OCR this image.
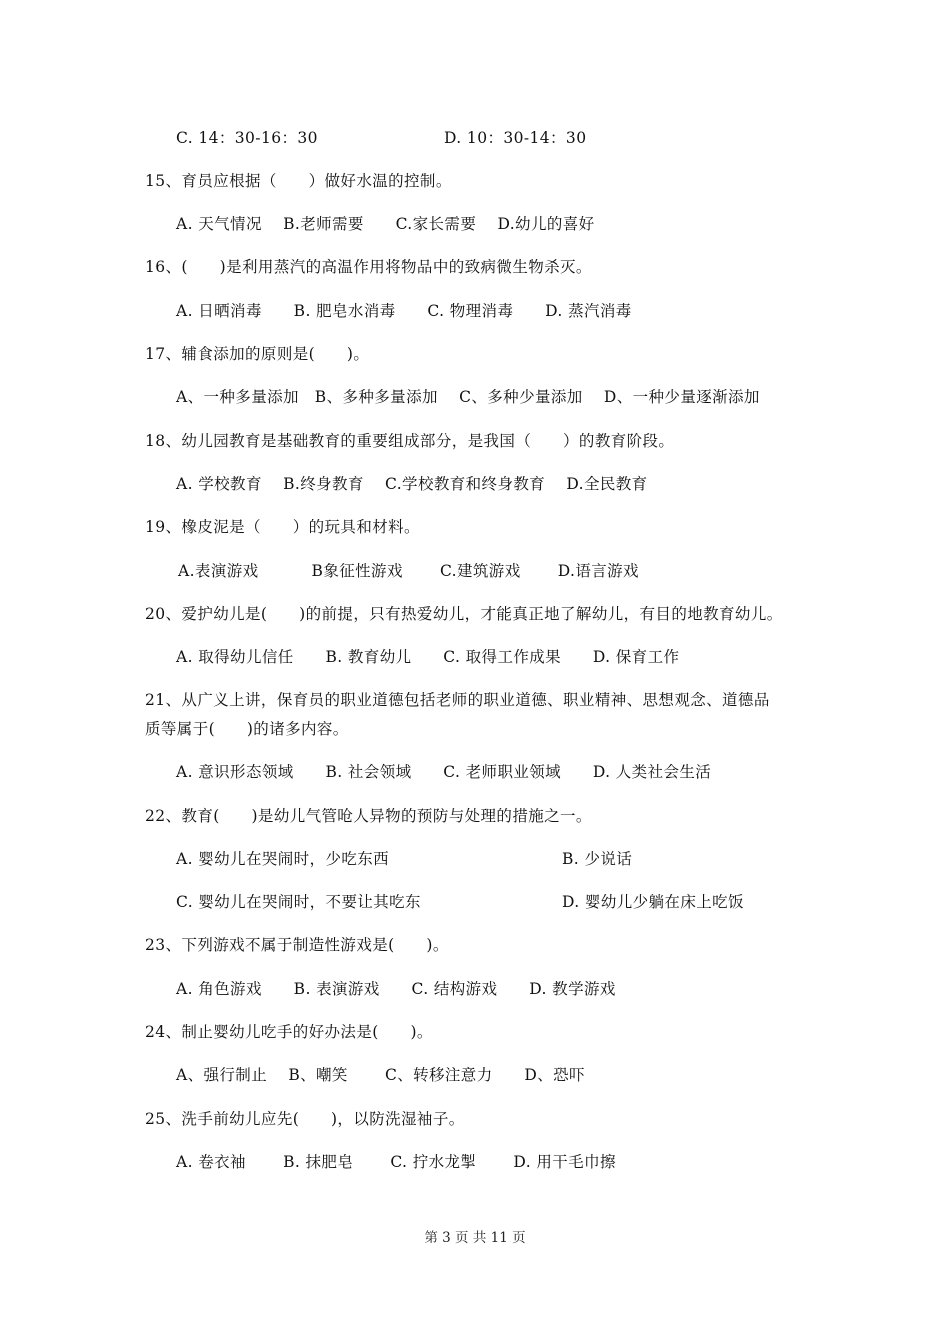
C. 14：30-16：30	D. 10：30-14：30
15、育员应根据（　　）做好水温的控制。
A. 天气情况　 B.老师需要　　C.家长需要　 D.幼儿的喜好
16、(　　)是利用蒸汽的高温作用将物品中的致病微生物杀灭。
A. 日晒消毒　　B. 肥皂水消毒　　C. 物理消毒　　D. 蒸汽消毒
17、辅食添加的原则是(　　)。
A、一种多量添加　B、多种多量添加　 C、多种少量添加　 D、一种少量逐渐添加
18、幼儿园教育是基础教育的重要组成部分，是我国（　　）的教育阶段。
A. 学校教育　 B.终身教育　 C.学校教育和终身教育　 D.全民教育
19、橡皮泥是（　　）的玩具和材料。
A.表演游戏　　　 B象征性游戏　　 C.建筑游戏　　 D.语言游戏
20、爱护幼儿是(　　)的前提，只有热爱幼儿，才能真正地了解幼儿，有目的地教育幼儿。
A. 取得幼儿信任　　B. 教育幼儿　　C. 取得工作成果　　D. 保育工作
21、从广义上讲，保育员的职业道德包括老师的职业道德、职业精神、思想观念、道德品
质等属于(　　)的诸多内容。
A. 意识形态领域　　B. 社会领域　　C. 老师职业领域　　D. 人类社会生活
22、教育(　　)是幼儿气管呛人异物的预防与处理的措施之一。
A. 婴幼儿在哭闹时，少吃东西	B. 少说话
C. 婴幼儿在哭闹时，不要让其吃东	D. 婴幼儿少躺在床上吃饭
23、下列游戏不属于制造性游戏是(　　)。
A. 角色游戏　　B. 表演游戏　　C. 结构游戏　　D. 教学游戏
24、制止婴幼儿吃手的好办法是(　　)。
A、强行制止　 B、嘲笑　　 C、转移注意力　　D、恐吓
25、洗手前幼儿应先(　　)，以防洗湿袖子。
A. 卷衣袖　　 B. 抹肥皂　　 C. 拧水龙掣　　 D. 用干毛巾擦
第 3 页 共 11 页
